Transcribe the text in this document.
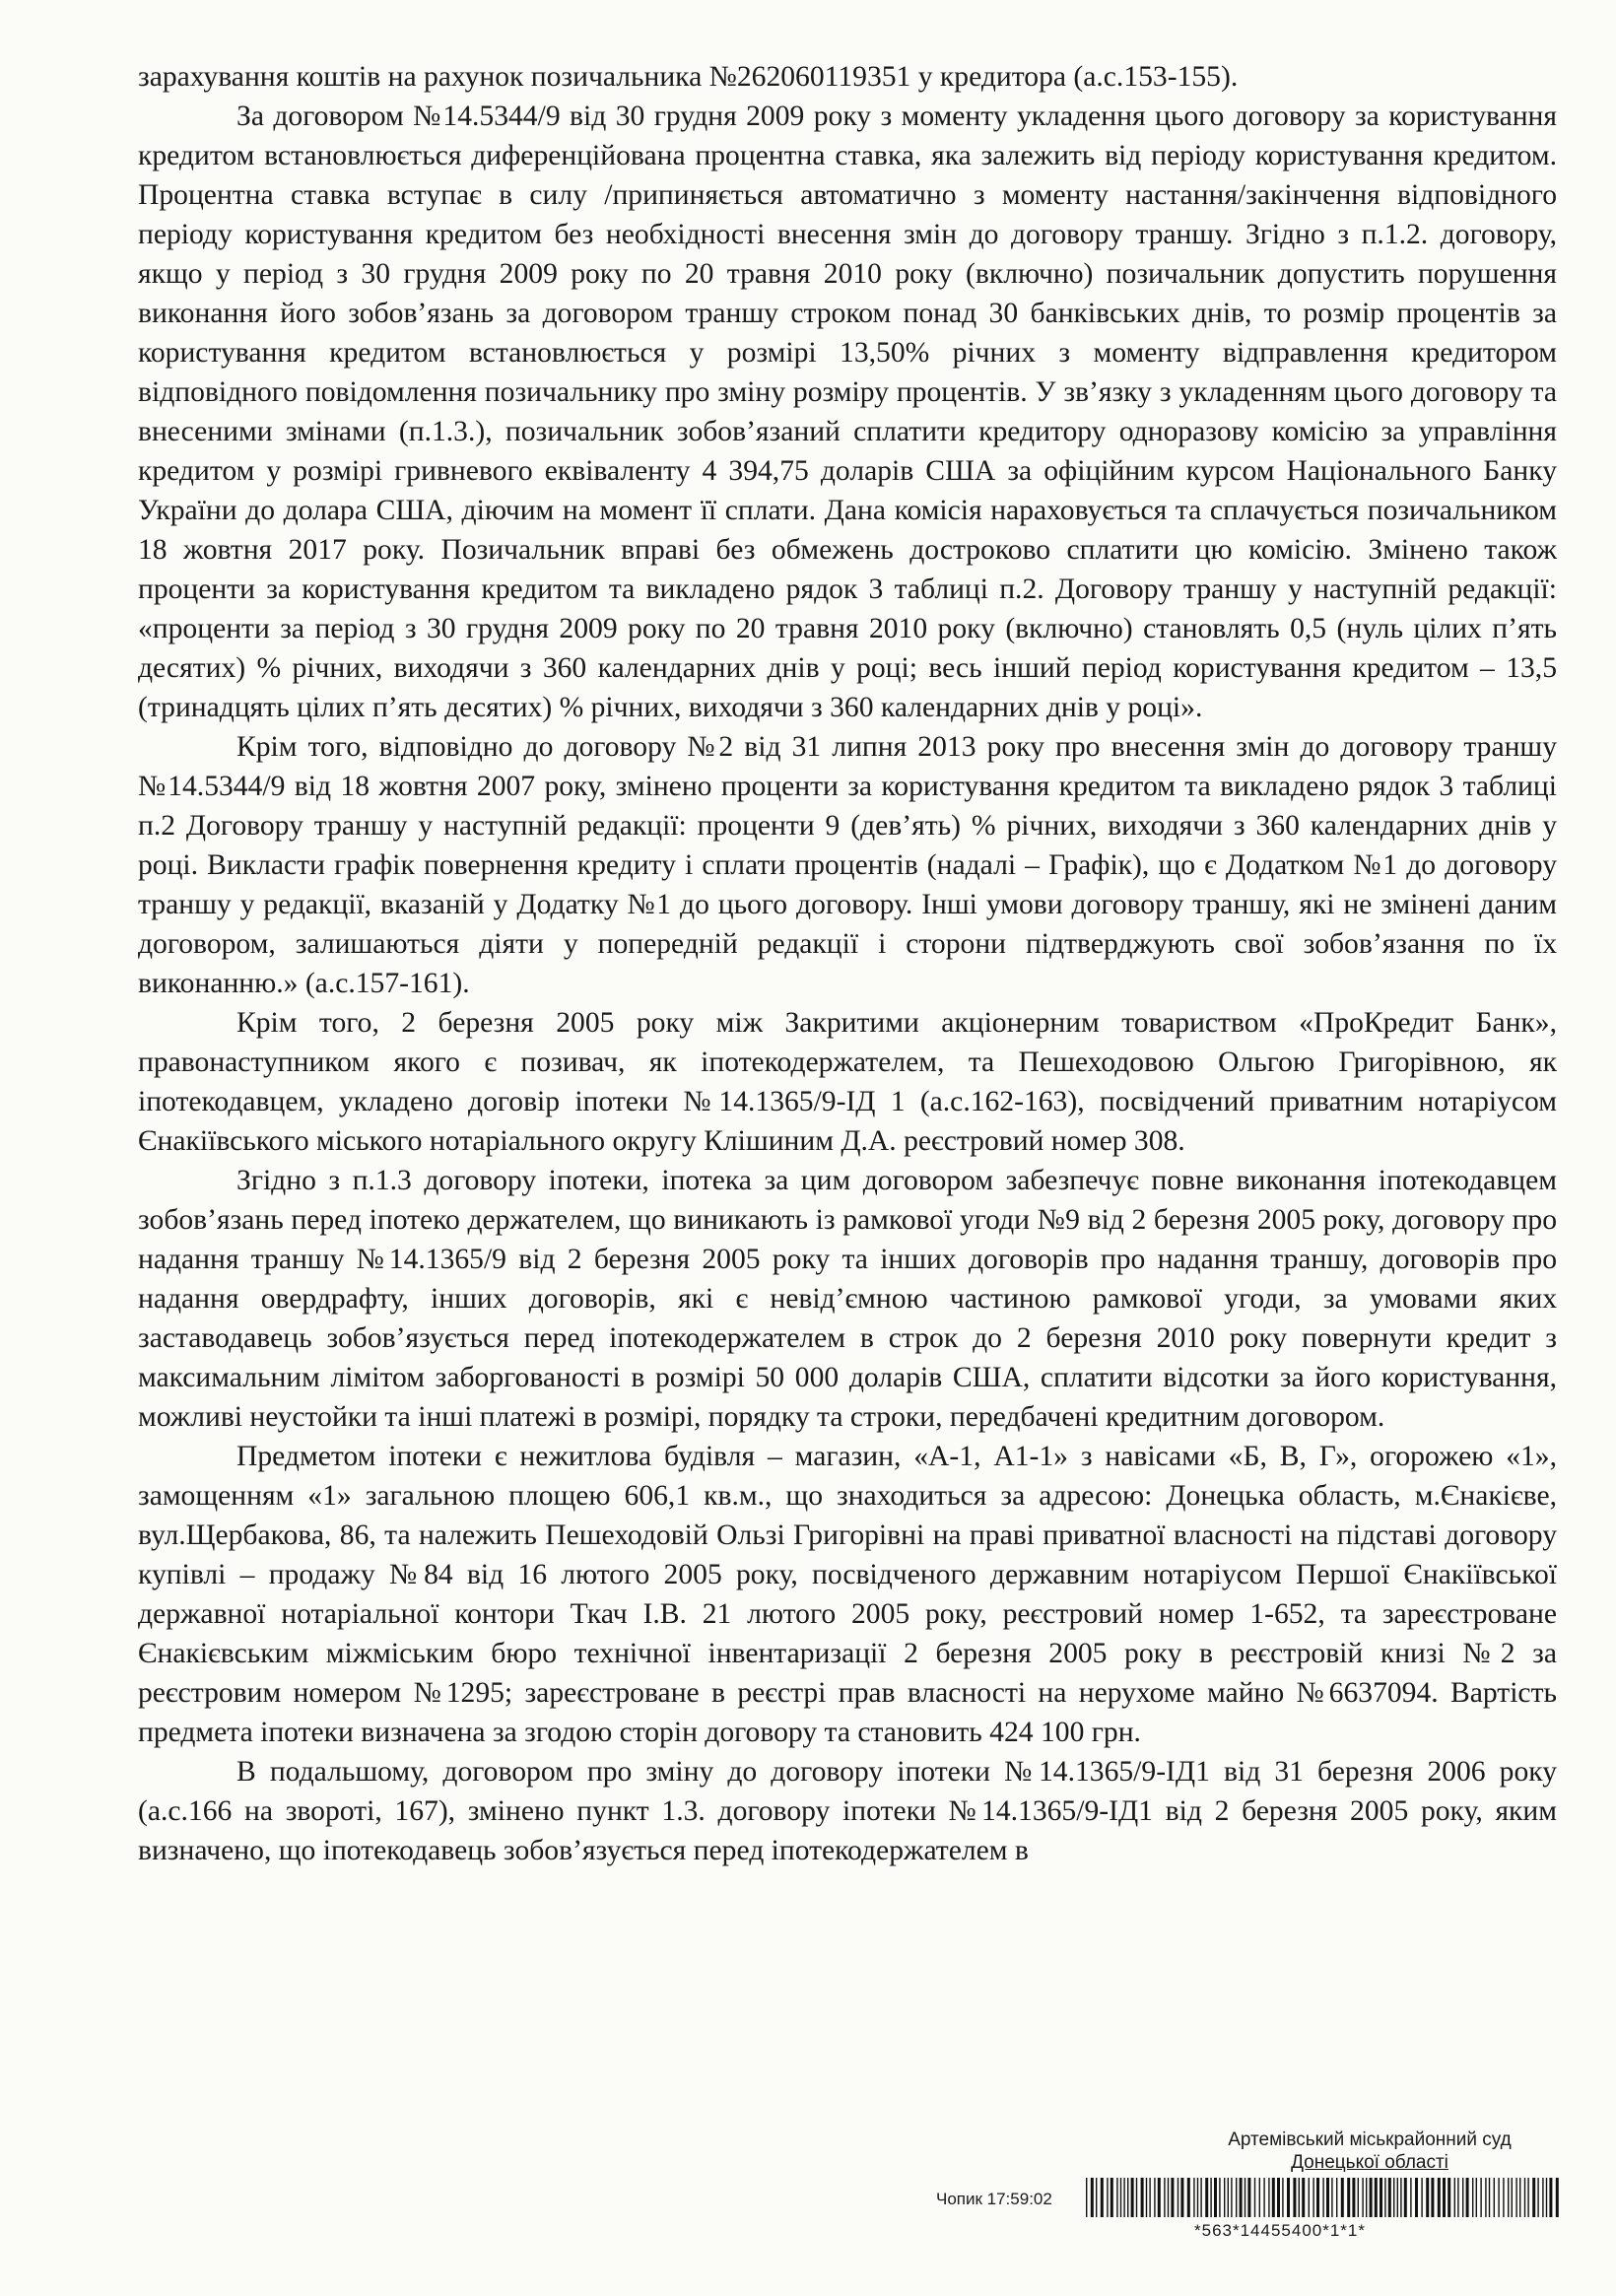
зарахування коштів на рахунок позичальника №262060119351 у кредитора (а.с.153-155).

За договором №14.5344/9 від 30 грудня 2009 року з моменту укладення цього договору за користування кредитом встановлюється диференційована процентна ставка, яка залежить від періоду користування кредитом. Процентна ставка вступає в силу /припиняється автоматично з моменту настання/закінчення відповідного періоду користування кредитом без необхідності внесення змін до договору траншу. Згідно з п.1.2. договору, якщо у період з 30 грудня 2009 року по 20 травня 2010 року (включно) позичальник допустить порушення виконання його зобов’язань за договором траншу строком понад 30 банківських днів, то розмір процентів за користування кредитом встановлюється у розмірі 13,50% річних з моменту відправлення кредитором відповідного повідомлення позичальнику про зміну розміру процентів. У зв’язку з укладенням цього договору та внесеними змінами (п.1.3.), позичальник зобов’язаний сплатити кредитору одноразову комісію за управління кредитом у розмірі гривневого еквіваленту 4 394,75 доларів США за офіційним курсом Національного Банку України до долара США, діючим на момент її сплати. Дана комісія нараховується та сплачується позичальником 18 жовтня 2017 року. Позичальник вправі без обмежень достроково сплатити цю комісію. Змінено також проценти за користування кредитом та викладено рядок 3 таблиці п.2. Договору траншу у наступній редакції: «проценти за період з 30 грудня 2009 року по 20 травня 2010 року (включно) становлять 0,5 (нуль цілих п’ять десятих) % річних, виходячи з 360 календарних днів у році; весь інший період користування кредитом – 13,5 (тринадцять цілих п’ять десятих) % річних, виходячи з 360 календарних днів у році».

Крім того, відповідно до договору №2 від 31 липня 2013 року про внесення змін до договору траншу №14.5344/9 від 18 жовтня 2007 року, змінено проценти за користування кредитом та викладено рядок 3 таблиці п.2 Договору траншу у наступній редакції: проценти 9 (дев’ять) % річних, виходячи з 360 календарних днів у році. Викласти графік повернення кредиту і сплати процентів (надалі – Графік), що є Додатком №1 до договору траншу у редакції, вказаній у Додатку №1 до цього договору. Інші умови договору траншу, які не змінені даним договором, залишаються діяти у попередній редакції і сторони підтверджують свої зобов’язання по їх виконанню.» (а.с.157-161).

Крім того, 2 березня 2005 року між Закритими акціонерним товариством «ПроКредит Банк», правонаступником якого є позивач, як іпотекодержателем, та Пешеходовою Ольгою Григорівною, як іпотекодавцем, укладено договір іпотеки №14.1365/9-ІД 1 (а.с.162-163), посвідчений приватним нотаріусом Єнакіївського міського нотаріального округу Клішиним Д.А. реєстровий номер 308.

Згідно з п.1.3 договору іпотеки, іпотека за цим договором забезпечує повне виконання іпотекодавцем зобов’язань перед іпотеко держателем, що виникають із рамкової угоди №9 від 2 березня 2005 року, договору про надання траншу №14.1365/9 від 2 березня 2005 року та інших договорів про надання траншу, договорів про надання овердрафту, інших договорів, які є невід’ємною частиною рамкової угоди, за умовами яких заставодавець зобов’язується перед іпотекодержателем в строк до 2 березня 2010 року повернути кредит з максимальним лімітом заборгованості в розмірі 50 000 доларів США, сплатити відсотки за його користування, можливі неустойки та інші платежі в розмірі, порядку та строки, передбачені кредитним договором.

Предметом іпотеки є нежитлова будівля – магазин, «А-1, А1-1» з навісами «Б, В, Г», огорожею «1», замощенням «1» загальною площею 606,1 кв.м., що знаходиться за адресою: Донецька область, м.Єнакієве, вул.Щербакова, 86, та належить Пешеходовій Ользі Григорівні на праві приватної власності на підставі договору купівлі – продажу №84 від 16 лютого 2005 року, посвідченого державним нотаріусом Першої Єнакіївської державної нотаріальної контори Ткач І.В. 21 лютого 2005 року, реєстровий номер 1-652, та зареєстроване Єнакієвським міжміським бюро технічної інвентаризації 2 березня 2005 року в реєстровій книзі №2 за реєстровим номером №1295; зареєстроване в реєстрі прав власності на нерухоме майно №6637094. Вартість предмета іпотеки визначена за згодою сторін договору та становить 424 100 грн.

В подальшому, договором про зміну до договору іпотеки №14.1365/9-ІД1 від 31 березня 2006 року (а.с.166 на звороті, 167), змінено пункт 1.3. договору іпотеки №14.1365/9-ІД1 від 2 березня 2005 року, яким визначено, що іпотекодавець зобов’язується перед іпотекодержателем в

Артемівський міськрайонний суд
Донецької області
Чопик 17:59:02
*563*14455400*1*1*
